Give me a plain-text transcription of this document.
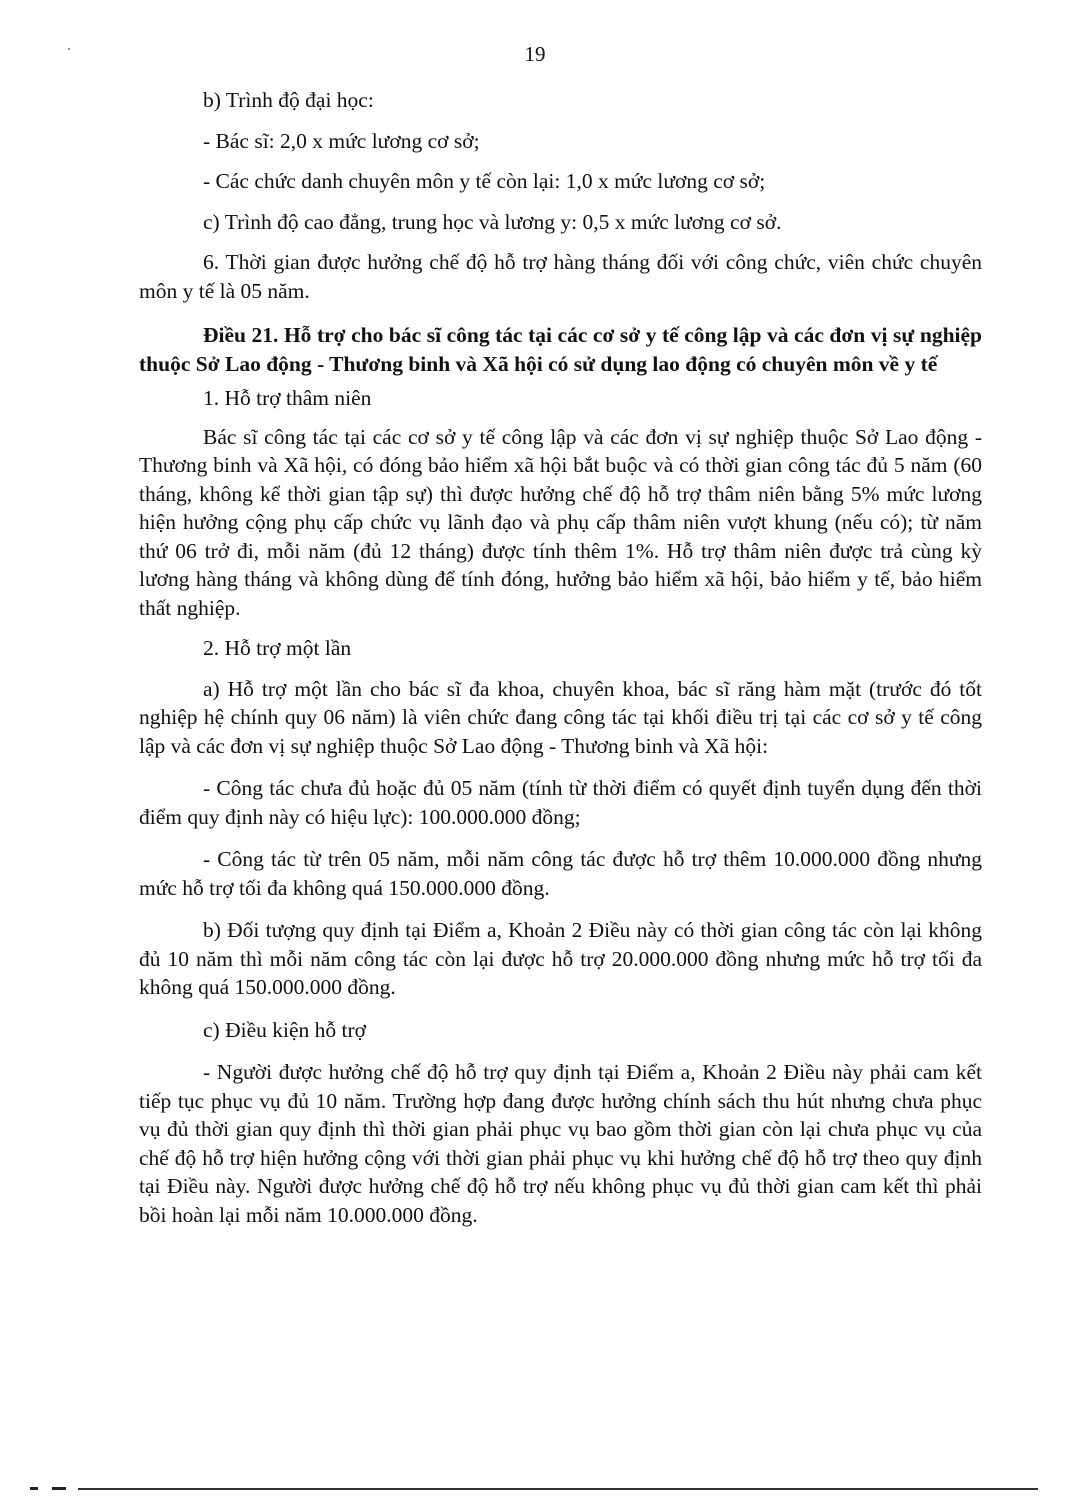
19

b) Trình độ đại học:

- Bác sĩ: 2,0 x mức lương cơ sở;

- Các chức danh chuyên môn y tế còn lại: 1,0 x mức lương cơ sở;

c) Trình độ cao đẳng, trung học và lương y: 0,5 x mức lương cơ sở.

6. Thời gian được hưởng chế độ hỗ trợ hàng tháng đối với công chức, viên chức chuyên môn y tế là 05 năm.

Điều 21. Hỗ trợ cho bác sĩ công tác tại các cơ sở y tế công lập và các đơn vị sự nghiệp thuộc Sở Lao động - Thương binh và Xã hội có sử dụng lao động có chuyên môn về y tế

1. Hỗ trợ thâm niên

Bác sĩ công tác tại các cơ sở y tế công lập và các đơn vị sự nghiệp thuộc Sở Lao động - Thương binh và Xã hội, có đóng bảo hiểm xã hội bắt buộc và có thời gian công tác đủ 5 năm (60 tháng, không kể thời gian tập sự) thì được hưởng chế độ hỗ trợ thâm niên bằng 5% mức lương hiện hưởng cộng phụ cấp chức vụ lãnh đạo và phụ cấp thâm niên vượt khung (nếu có); từ năm thứ 06 trở đi, mỗi năm (đủ 12 tháng) được tính thêm 1%. Hỗ trợ thâm niên được trả cùng kỳ lương hàng tháng và không dùng để tính đóng, hưởng bảo hiểm xã hội, bảo hiểm y tế, bảo hiểm thất nghiệp.

2. Hỗ trợ một lần

a) Hỗ trợ một lần cho bác sĩ đa khoa, chuyên khoa, bác sĩ răng hàm mặt (trước đó tốt nghiệp hệ chính quy 06 năm) là viên chức đang công tác tại khối điều trị tại các cơ sở y tế công lập và các đơn vị sự nghiệp thuộc Sở Lao động - Thương binh và Xã hội:

- Công tác chưa đủ hoặc đủ 05 năm (tính từ thời điểm có quyết định tuyển dụng đến thời điểm quy định này có hiệu lực): 100.000.000 đồng;

- Công tác từ trên 05 năm, mỗi năm công tác được hỗ trợ thêm 10.000.000 đồng nhưng mức hỗ trợ tối đa không quá 150.000.000 đồng.

b) Đối tượng quy định tại Điểm a, Khoản 2 Điều này có thời gian công tác còn lại không đủ 10 năm thì mỗi năm công tác còn lại được hỗ trợ 20.000.000 đồng nhưng mức hỗ trợ tối đa không quá 150.000.000 đồng.

c) Điều kiện hỗ trợ

- Người được hưởng chế độ hỗ trợ quy định tại Điểm a, Khoản 2 Điều này phải cam kết tiếp tục phục vụ đủ 10 năm. Trường hợp đang được hưởng chính sách thu hút nhưng chưa phục vụ đủ thời gian quy định thì thời gian phải phục vụ bao gồm thời gian còn lại chưa phục vụ của chế độ hỗ trợ hiện hưởng cộng với thời gian phải phục vụ khi hưởng chế độ hỗ trợ theo quy định tại Điều này. Người được hưởng chế độ hỗ trợ nếu không phục vụ đủ thời gian cam kết thì phải bồi hoàn lại mỗi năm 10.000.000 đồng.
